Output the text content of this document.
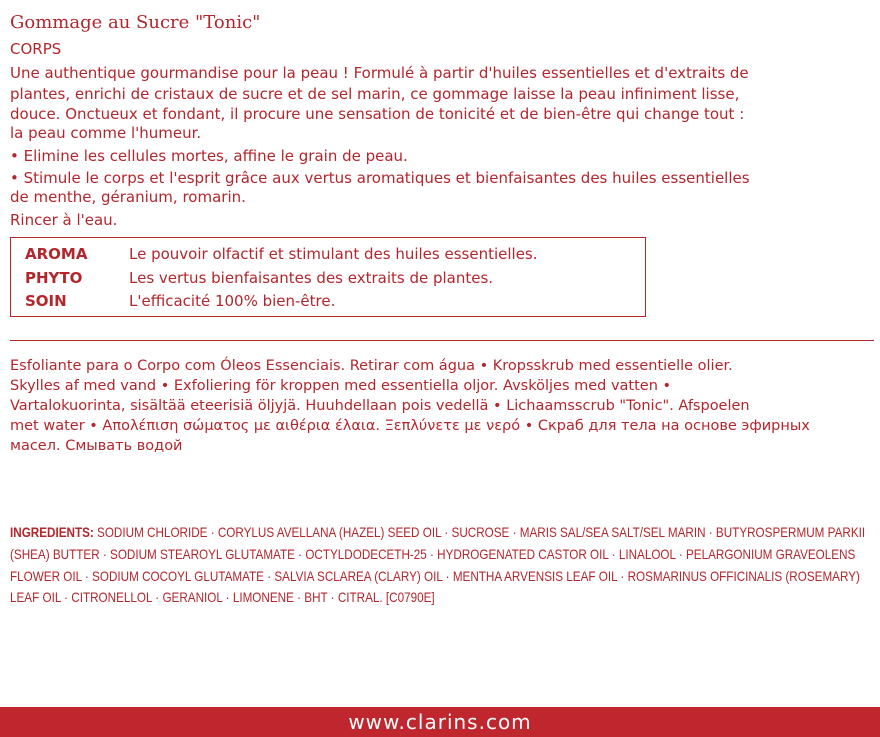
Gommage au Sucre "Tonic"
CORPS
Une authentique gourmandise pour la peau ! Formulé à partir d'huiles essentielles et d'extraits de
plantes, enrichi de cristaux de sucre et de sel marin, ce gommage laisse la peau infiniment lisse,
douce. Onctueux et fondant, il procure une sensation de tonicité et de bien-être qui change tout :
la peau comme l'humeur.
• Elimine les cellules mortes, affine le grain de peau.
• Stimule le corps et l'esprit grâce aux vertus aromatiques et bienfaisantes des huiles essentielles
de menthe, géranium, romarin.
Rincer à l'eau.
AROMA	Le pouvoir olfactif et stimulant des huiles essentielles.
PHYTO	Les vertus bienfaisantes des extraits de plantes.
SOIN	L'efficacité 100% bien-être.
Esfoliante para o Corpo com Óleos Essenciais. Retirar com água • Kropsskrub med essentielle olier.
Skylles af med vand • Exfoliering för kroppen med essentiella oljor. Avsköljes med vatten •
Vartalokuorinta, sisältää eteerisiä öljyjä. Huuhdellaan pois vedellä • Lichaamsscrub "Tonic". Afspoelen
met water • Απολέπιση σώματος με αιθέρια έλαια. Ξεπλύνετε με νερό • Скраб для тела на основе эфирных
масел. Смывать водой
INGREDIENTS: SODIUM CHLORIDE · CORYLUS AVELLANA (HAZEL) SEED OIL · SUCROSE · MARIS SAL/SEA SALT/SEL MARIN · BUTYROSPERMUM PARKII
(SHEA) BUTTER · SODIUM STEAROYL GLUTAMATE · OCTYLDODECETH-25 · HYDROGENATED CASTOR OIL · LINALOOL · PELARGONIUM GRAVEOLENS
FLOWER OIL · SODIUM COCOYL GLUTAMATE · SALVIA SCLAREA (CLARY) OIL · MENTHA ARVENSIS LEAF OIL · ROSMARINUS OFFICINALIS (ROSEMARY)
LEAF OIL · CITRONELLOL · GERANIOL · LIMONENE · BHT · CITRAL. [C0790E]
www.clarins.com
